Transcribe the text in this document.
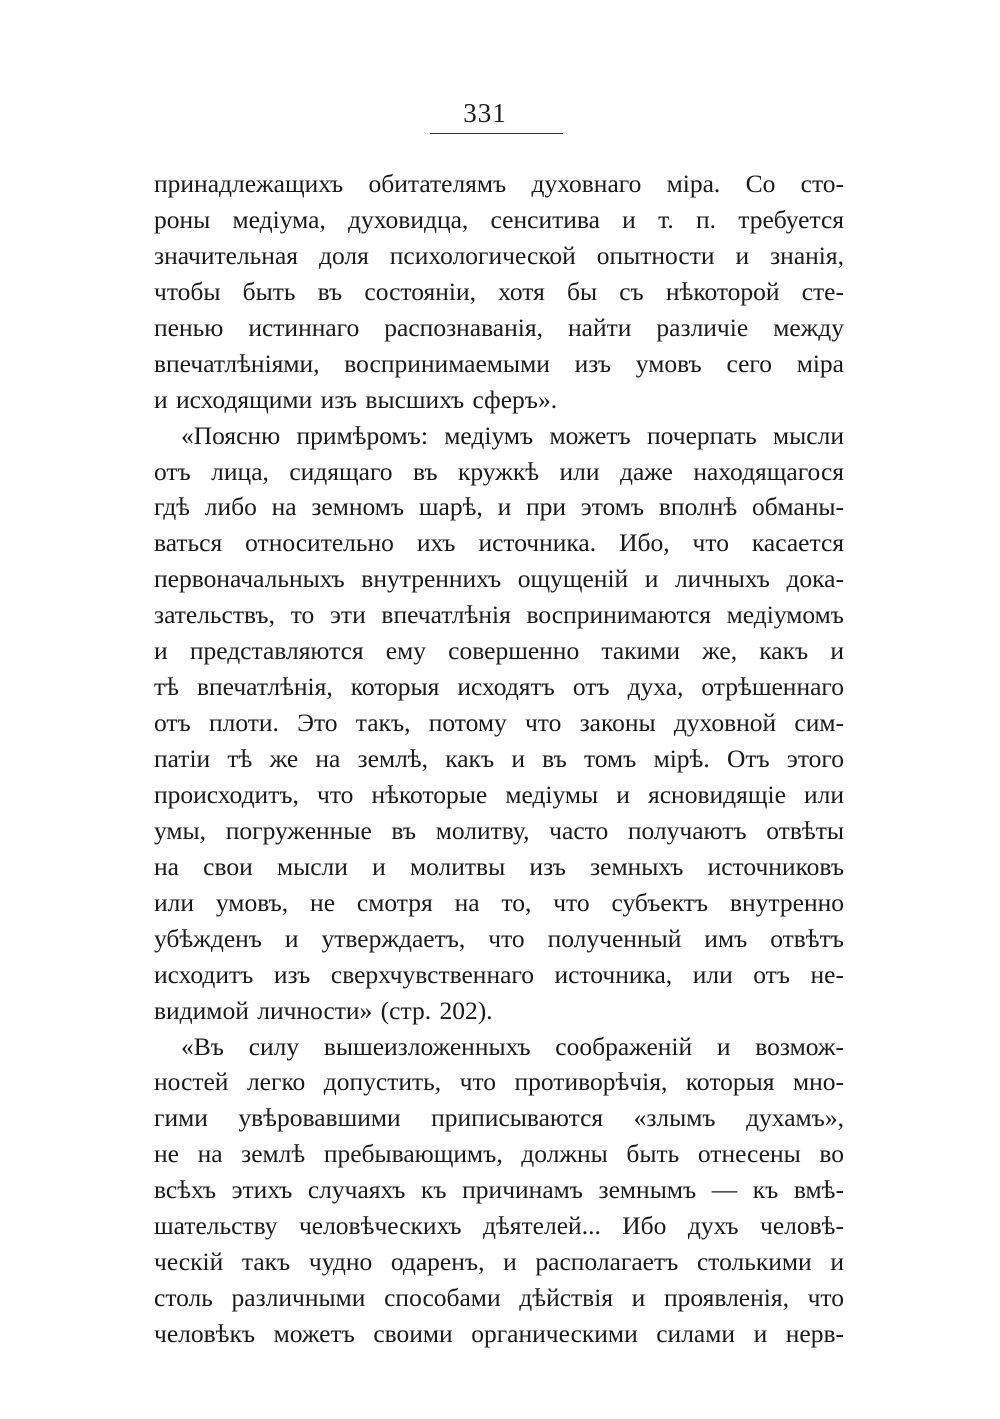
331
принадлежащихъ обитателямъ духовнаго міра. Со сто-
роны медіума, духовидца, сенситива и т. п. требуется
значительная доля психологической опытности и знанія,
чтобы быть въ состояніи, хотя бы съ нѣкоторой сте-
пенью истиннаго распознаванія, найти различіе между
впечатлѣніями, воспринимаемыми изъ умовъ сего міра
и исходящими изъ высшихъ сферъ».
«Поясню примѣромъ: медіумъ можетъ почерпать мысли
отъ лица, сидящаго въ кружкѣ или даже находящагося
гдѣ либо на земномъ шарѣ, и при этомъ вполнѣ обманы-
ваться относительно ихъ источника. Ибо, что касается
первоначальныхъ внутреннихъ ощущеній и личныхъ дока-
зательствъ, то эти впечатлѣнія воспринимаются медіумомъ
и представляются ему совершенно такими же, какъ и
тѣ впечатлѣнія, которыя исходятъ отъ духа, отрѣшеннаго
отъ плоти. Это такъ, потому что законы духовной сим-
патіи тѣ же на землѣ, какъ и въ томъ мірѣ. Отъ этого
происходитъ, что нѣкоторые медіумы и ясновидящіе или
умы, погруженные въ молитву, часто получаютъ отвѣты
на свои мысли и молитвы изъ земныхъ источниковъ
или умовъ, не смотря на то, что субъектъ внутренно
убѣжденъ и утверждаетъ, что полученный имъ отвѣтъ
исходитъ изъ сверхчувственнаго источника, или отъ не-
видимой личности» (стр. 202).
«Въ силу вышеизложенныхъ соображеній и возмож-
ностей легко допустить, что противорѣчія, которыя мно-
гими увѣровавшими приписываются «злымъ духамъ»,
не на землѣ пребывающимъ, должны быть отнесены во
всѣхъ этихъ случаяхъ къ причинамъ земнымъ — къ вмѣ-
шательству человѣческихъ дѣятелей... Ибо духъ человѣ-
ческій такъ чудно одаренъ, и располагаетъ столькими и
столь различными способами дѣйствія и проявленія, что
человѣкъ можетъ своими органическими силами и нерв-
